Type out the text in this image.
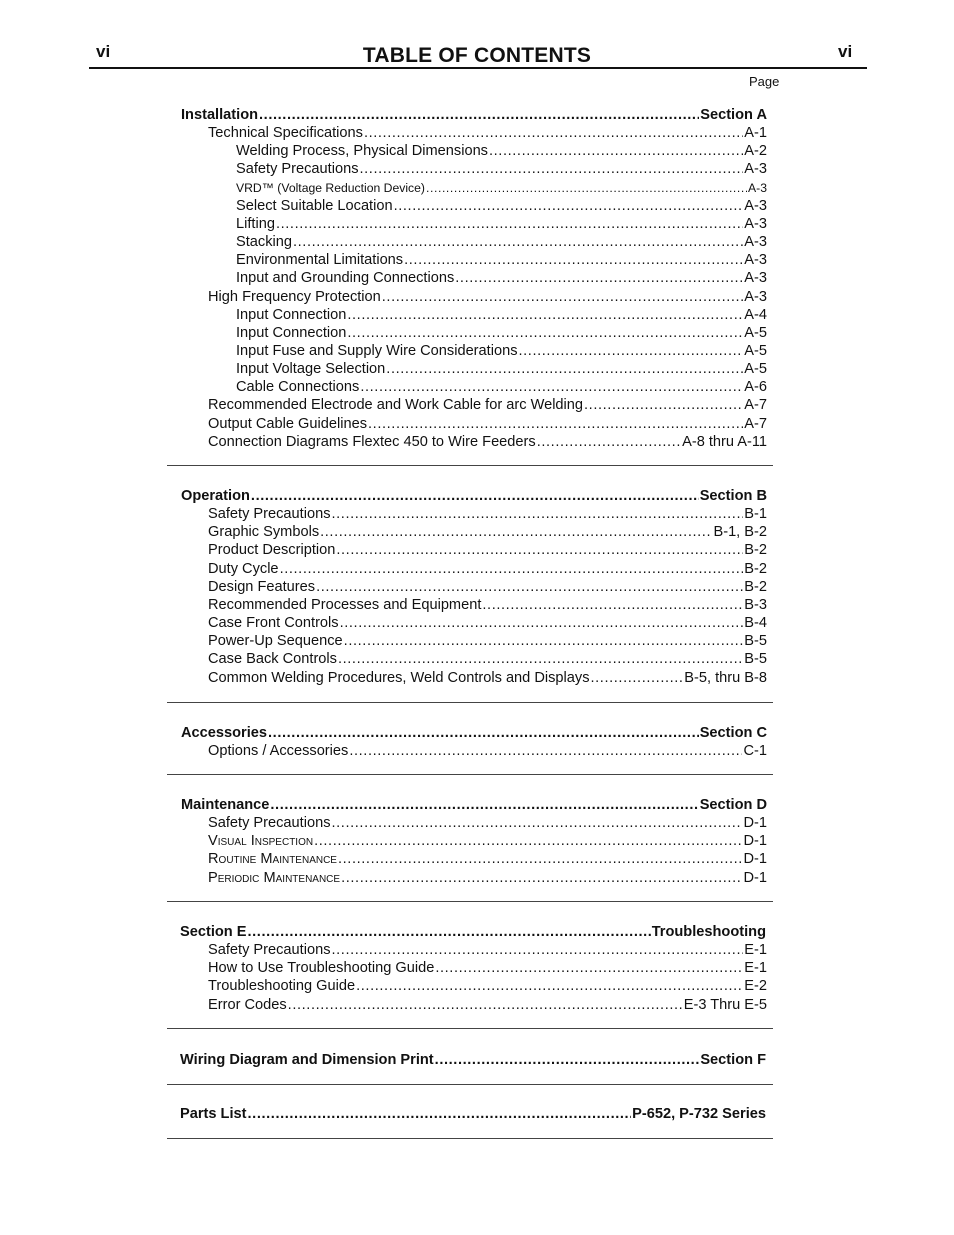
vi	TABLE OF CONTENTS	vi
Page
Installation .....	Section A
Technical Specifications .....	A-1
Welding Process, Physical Dimensions .....	A-2
Safety Precautions .....	A-3
VRD™ (Voltage Reduction Device) .....	A-3
Select Suitable Location .....	A-3
Lifting .....	A-3
Stacking .....	A-3
Environmental Limitations .....	A-3
Input and Grounding Connections .....	A-3
High Frequency Protection .....	A-3
Input Connection .....	A-4
Input Connection .....	A-5
Input Fuse and Supply Wire Considerations .....	A-5
Input Voltage Selection .....	A-5
Cable Connections .....	A-6
Recommended Electrode and Work Cable for arc Welding .....	A-7
Output Cable Guidelines .....	A-7
Connection Diagrams Flextec 450 to Wire Feeders .....	A-8 thru A-11
Operation .....	Section B
Safety Precautions .....	B-1
Graphic Symbols .....	B-1, B-2
Product Description .....	B-2
Duty Cycle .....	B-2
Design Features .....	B-2
Recommended Processes and Equipment .....	B-3
Case Front Controls .....	B-4
Power-Up Sequence .....	B-5
Case Back Controls .....	B-5
Common Welding Procedures, Weld Controls and Displays .....	B-5, thru B-8
Accessories .....	Section C
Options / Accessories .....	C-1
Maintenance .....	Section D
Safety Precautions .....	D-1
Visual Inspection .....	D-1
Routine Maintenance .....	D-1
Periodic Maintenance .....	D-1
Section E .....	Troubleshooting
Safety Precautions .....	E-1
How to Use Troubleshooting Guide .....	E-1
Troubleshooting Guide .....	E-2
Error Codes .....	E-3 Thru E-5
Wiring Diagram and Dimension Print .....	Section F
Parts List .....	P-652, P-732 Series
